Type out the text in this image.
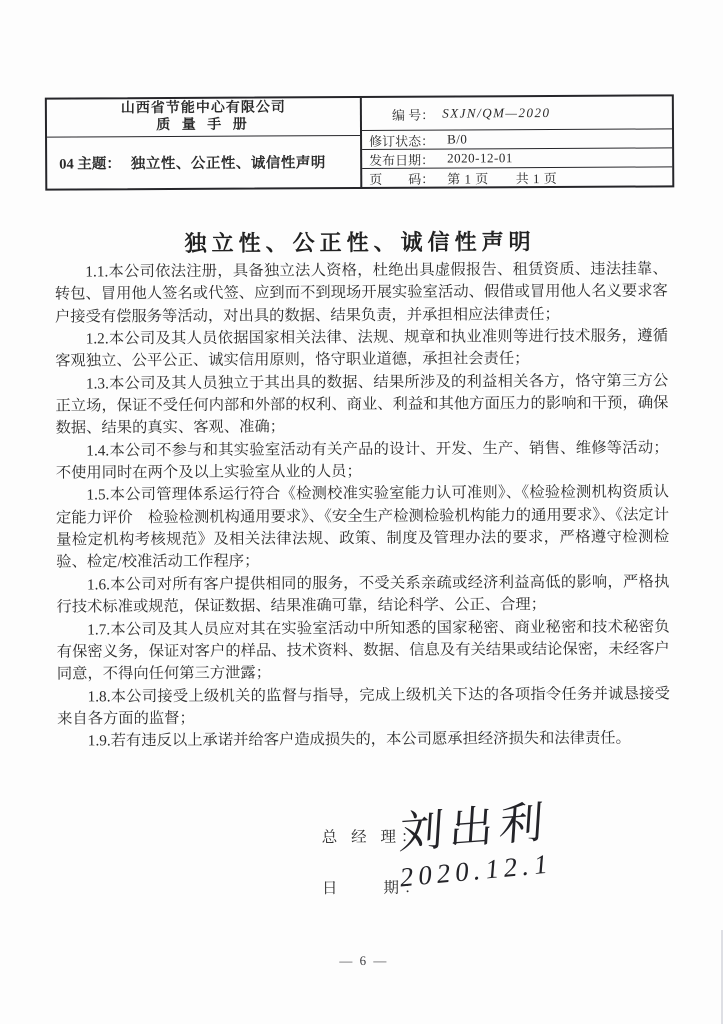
山西省节能中心有限公司
质 量 手 册
04 主题： 独立性、公正性、诚信性声明
编 号： SXJN/QM—2020
修订状态： B/0
发布日期： 2020-12-01
页　　码： 第 1 页　　共 1 页
独立性、公正性、诚信性声明

1.1.本公司依法注册，具备独立法人资格，杜绝出具虚假报告、租赁资质、违法挂靠、转包、冒用他人签名或代签、应到而不到现场开展实验室活动、假借或冒用他人名义要求客户接受有偿服务等活动，对出具的数据、结果负责，并承担相应法律责任；

1.2.本公司及其人员依据国家相关法律、法规、规章和执业准则等进行技术服务，遵循客观独立、公平公正、诚实信用原则，恪守职业道德，承担社会责任；

1.3.本公司及其人员独立于其出具的数据、结果所涉及的利益相关各方，恪守第三方公正立场，保证不受任何内部和外部的权利、商业、利益和其他方面压力的影响和干预，确保数据、结果的真实、客观、准确；

1.4.本公司不参与和其实验室活动有关产品的设计、开发、生产、销售、维修等活动；不使用同时在两个及以上实验室从业的人员；

1.5.本公司管理体系运行符合《检测校准实验室能力认可准则》、《检验检测机构资质认定能力评价　检验检测机构通用要求》、《安全生产检测检验机构能力的通用要求》、《法定计量检定机构考核规范》及相关法律法规、政策、制度及管理办法的要求，严格遵守检测检验、检定/校准活动工作程序；

1.6.本公司对所有客户提供相同的服务，不受关系亲疏或经济利益高低的影响，严格执行技术标准或规范，保证数据、结果准确可靠，结论科学、公正、合理；

1.7.本公司及其人员应对其在实验室活动中所知悉的国家秘密、商业秘密和技术秘密负有保密义务，保证对客户的样品、技术资料、数据、信息及有关结果或结论保密，未经客户同意，不得向任何第三方泄露；

1.8.本公司接受上级机关的监督与指导，完成上级机关下达的各项指令任务并诚恳接受来自各方面的监督；

1.9.若有违反以上承诺并给客户造成损失的，本公司愿承担经济损失和法律责任。

总 经 理：
刘出利
日　　期：
2020.12.1
— 6 —
